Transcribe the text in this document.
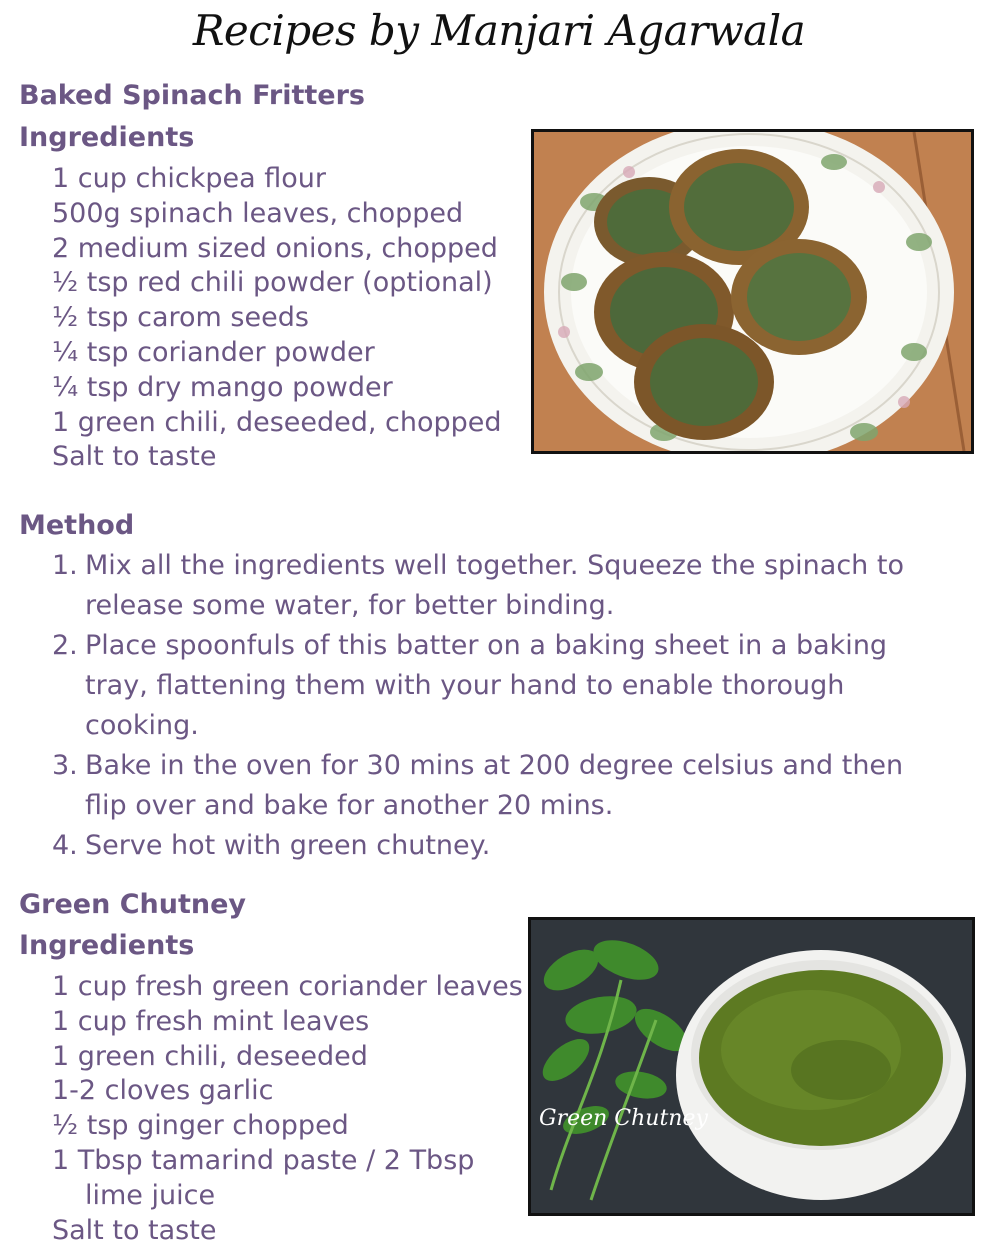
Recipes by Manjari Agarwala
Baked Spinach Fritters
Ingredients
1 cup chickpea flour
500g spinach leaves, chopped
2 medium sized onions, chopped
½ tsp red chili powder (optional)
½ tsp carom seeds
¼ tsp coriander powder
¼ tsp dry mango powder
1 green chili, deseeded, chopped
Salt to taste
Method
1. Mix all the ingredients well together. Squeeze the spinach to release some water, for better binding.
2. Place spoonfuls of this batter on a baking sheet in a baking tray, flattening them with your hand to enable thorough cooking.
3. Bake in the oven for 30 mins at 200 degree celsius and then flip over and bake for another 20 mins.
4. Serve hot with green chutney.
Green Chutney
Ingredients
1 cup fresh green coriander leaves
1 cup fresh mint leaves
1 green chili, deseeded
1-2 cloves garlic
½ tsp ginger chopped
1 Tbsp tamarind paste / 2 Tbsp lime juice
Salt to taste
Green Chutney
